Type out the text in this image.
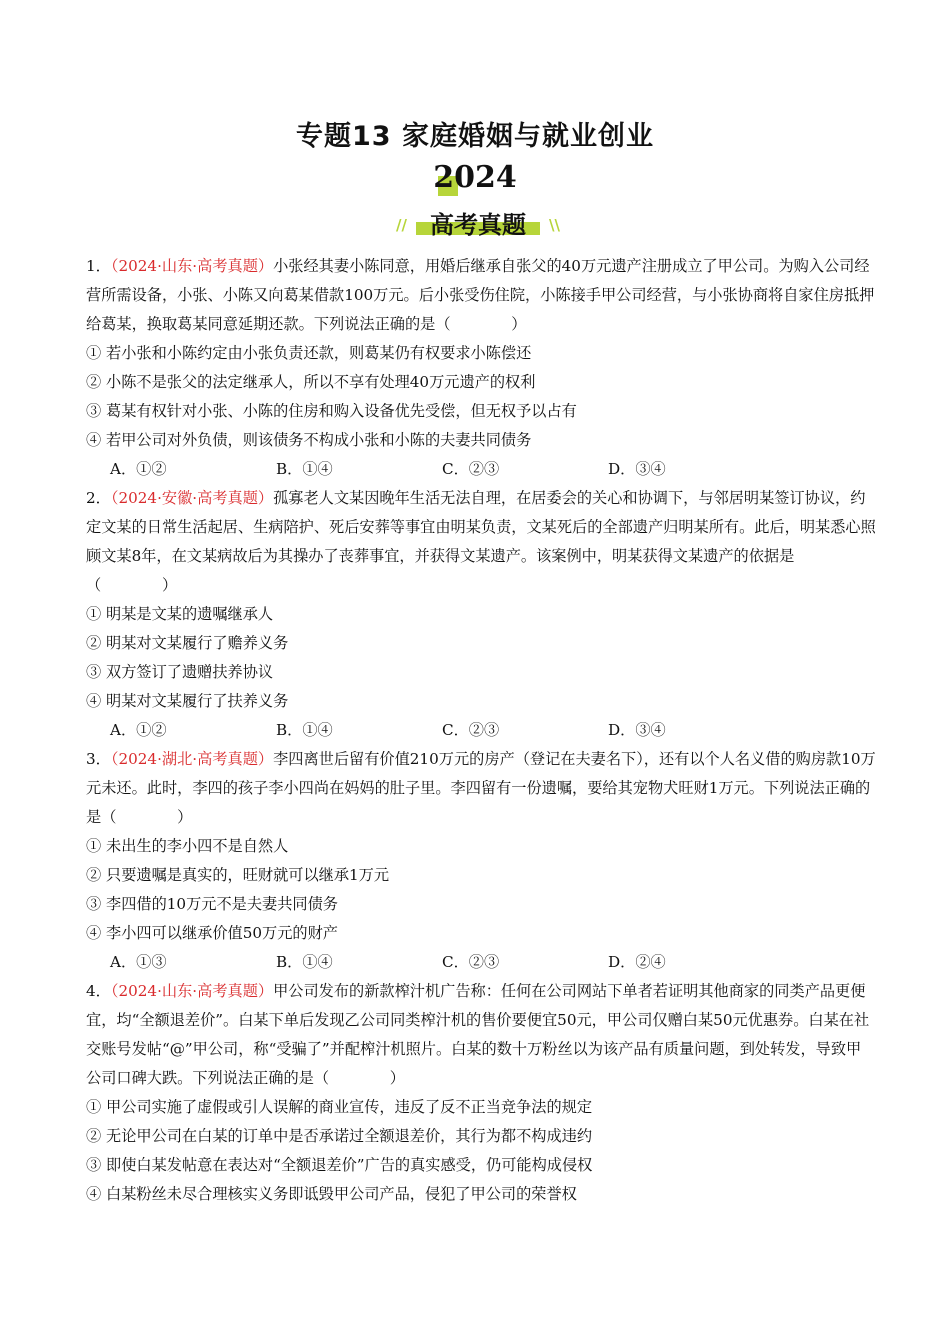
专题13 家庭婚姻与就业创业
2024
// 高考真题	\\

1．（2024·山东·高考真题）小张经其妻小陈同意，用婚后继承自张父的40万元遗产注册成立了甲公司。为购入公司经营所需设备，小张、小陈又向葛某借款100万元。后小张受伤住院，小陈接手甲公司经营，与小张协商将自家住房抵押给葛某，换取葛某同意延期还款。下列说法正确的是（　　　　）

① 若小张和小陈约定由小张负责还款，则葛某仍有权要求小陈偿还

② 小陈不是张父的法定继承人，所以不享有处理40万元遗产的权利

③ 葛某有权针对小张、小陈的住房和购入设备优先受偿，但无权予以占有

④ 若甲公司对外负债，则该债务不构成小张和小陈的夫妻共同债务

A．①②	B．①④	C．②③	D．③④

2．（2024·安徽·高考真题）孤寡老人文某因晚年生活无法自理，在居委会的关心和协调下，与邻居明某签订协议，约定文某的日常生活起居、生病陪护、死后安葬等事宜由明某负责，文某死后的全部遗产归明某所有。此后，明某悉心照顾文某8年，在文某病故后为其操办了丧葬事宜，并获得文某遗产。该案例中，明某获得文某遗产的依据是（　　　　）

① 明某是文某的遗嘱继承人

② 明某对文某履行了赡养义务

③ 双方签订了遗赠扶养协议

④ 明某对文某履行了扶养义务

A．①②	B．①④	C．②③	D．③④

3．（2024·湖北·高考真题）李四离世后留有价值210万元的房产（登记在夫妻名下），还有以个人名义借的购房款10万元未还。此时，李四的孩子李小四尚在妈妈的肚子里。李四留有一份遗嘱，要给其宠物犬旺财1万元。下列说法正确的是（　　　　）

① 未出生的李小四不是自然人

② 只要遗嘱是真实的，旺财就可以继承1万元

③ 李四借的10万元不是夫妻共同债务

④ 李小四可以继承价值50万元的财产

A．①③	B．①④	C．②③	D．②④

4．（2024·山东·高考真题）甲公司发布的新款榨汁机广告称：任何在公司网站下单者若证明其他商家的同类产品更便宜，均“全额退差价”。白某下单后发现乙公司同类榨汁机的售价要便宜50元，甲公司仅赠白某50元优惠券。白某在社交账号发帖“@”甲公司，称“受骗了”并配榨汁机照片。白某的数十万粉丝以为该产品有质量问题，到处转发，导致甲公司口碑大跌。下列说法正确的是（　　　　）

① 甲公司实施了虚假或引人误解的商业宣传，违反了反不正当竞争法的规定

② 无论甲公司在白某的订单中是否承诺过全额退差价，其行为都不构成违约

③ 即使白某发帖意在表达对“全额退差价”广告的真实感受，仍可能构成侵权

④ 白某粉丝未尽合理核实义务即诋毁甲公司产品，侵犯了甲公司的荣誉权
